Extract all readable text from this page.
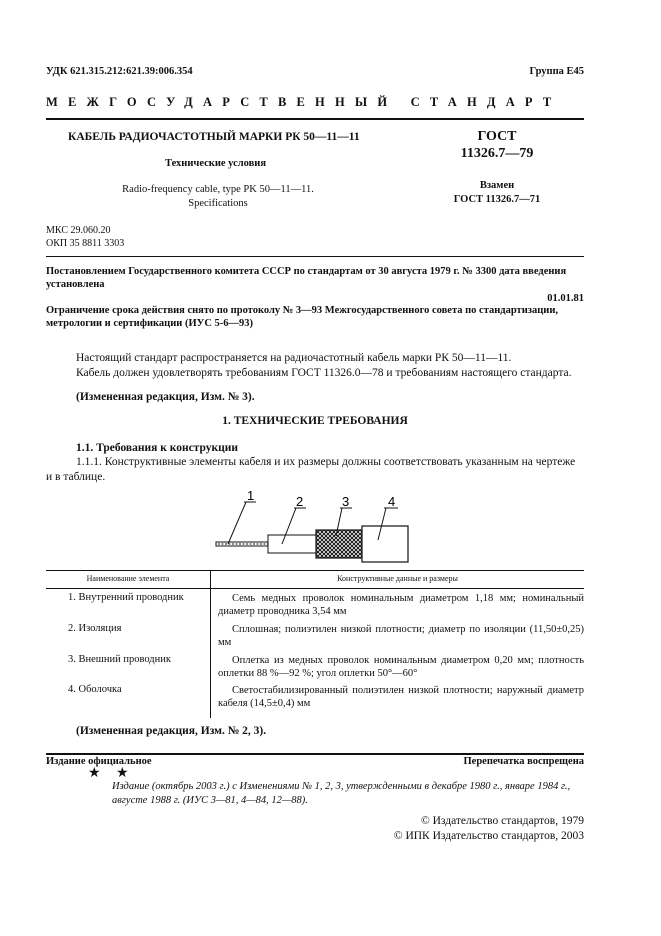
УДК 621.315.212:621.39:006.354	Группа Е45
МЕЖГОСУДАРСТВЕННЫЙ СТАНДАРТ
КАБЕЛЬ РАДИОЧАСТОТНЫЙ МАРКИ РК 50—11—11
Технические условия
Radio-frequency cable, type PK 50—11—11.
Specifications
ГОСТ
11326.7—79
Взамен
ГОСТ 11326.7—71
МКС 29.060.20
ОКП 35 8811 3303
Постановлением Государственного комитета СССР по стандартам от 30 августа 1979 г. № 3300 дата введения установлена
01.01.81
Ограничение срока действия снято по протоколу № 3—93 Межгосударственного совета по стандартизации, метрологии и сертификации (ИУС 5-6—93)
Настоящий стандарт распространяется на радиочастотный кабель марки РК 50—11—11.
Кабель должен удовлетворять требованиям ГОСТ 11326.0—78 и требованиям настоящего стандарта.
(Измененная редакция, Изм. № 3).
1. ТЕХНИЧЕСКИЕ ТРЕБОВАНИЯ
1.1. Требования к конструкции
1.1.1. Конструктивные элементы кабеля и их размеры должны соответствовать указанным на чертеже и в таблице.
1	2	3	4
Наименование элемента	Конструктивные данные и размеры
1. Внутренний проводник	Семь медных проволок номинальным диаметром 1,18 мм; номинальный диаметр проводника 3,54 мм
2. Изоляция	Сплошная; полиэтилен низкой плотности; диаметр по изоляции (11,50±0,25) мм
3. Внешний проводник	Оплетка из медных проволок номинальным диаметром 0,20 мм; плотность оплетки 88 %—92 %; угол оплетки 50°—60°
4. Оболочка	Светостабилизированный полиэтилен низкой плотности; наружный диаметр кабеля (14,5±0,4) мм
(Измененная редакция, Изм. № 2, 3).
Издание официальное	Перепечатка воспрещена
★ ★
Издание (октябрь 2003 г.) с Изменениями № 1, 2, 3, утвержденными в декабре 1980 г., январе 1984 г., августе 1988 г. (ИУС 3—81, 4—84, 12—88).
© Издательство стандартов, 1979
© ИПК Издательство стандартов, 2003
